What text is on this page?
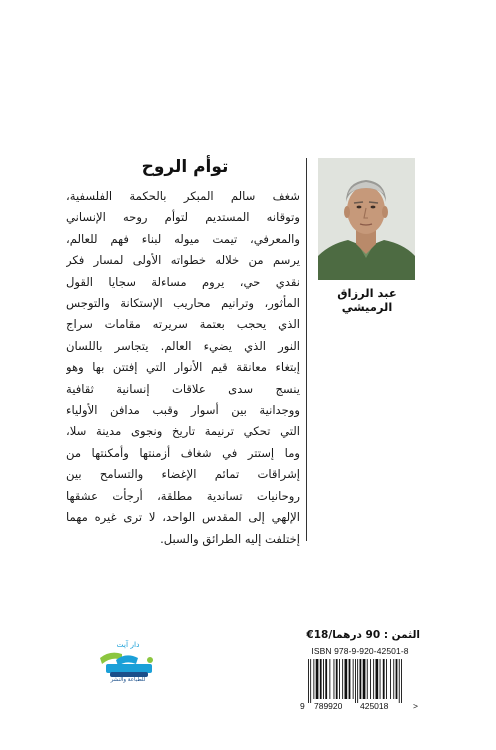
توأم الروح
شغف سالم المبكر بالحكمة الفلسفية،
وتوقانه المستديم لتوأم روحه الإنساني
والمعرفي، تيمت ميوله لبناء فهم للعالم،
يرسم من خلاله خطواته الأولى لمسار فكر
نقدي حي، يروم مساءلة سجايا القول
المأثور، وترانيم محاريب الإستكانة والتوجس
الذي يحجب بعتمة سريرته مقامات سراج
النور الذي يضيء العالم. يتجاسر باللسان
إبتغاء معانقة قيم الأنوار التي إفتتن بها وهو
ينسج سدى علاقات إنسانية ثقافية
ووجدانية بين أسوار وقبب مدافن الأولياء
التي تحكي ترنيمة تاريخ ونجوى مدينة سلا،
وما إستتر في شغاف أزمنتها وأمكنتها من
إشراقات تمائم الإغضاء والتسامح بين
روحانيات تساندية مطلقة، أرجأت عشقها
الإلهي إلى المقدس الواحد، لا ترى غيره مهما
إختلفت إليه الطرائق والسبل.
عبد الرزاق الرميشي
دار آيت
للطباعة والنشر
الثمن : 90 درهما/18€
ISBN 978-9-920-42501-8
9 789920 425018	>
